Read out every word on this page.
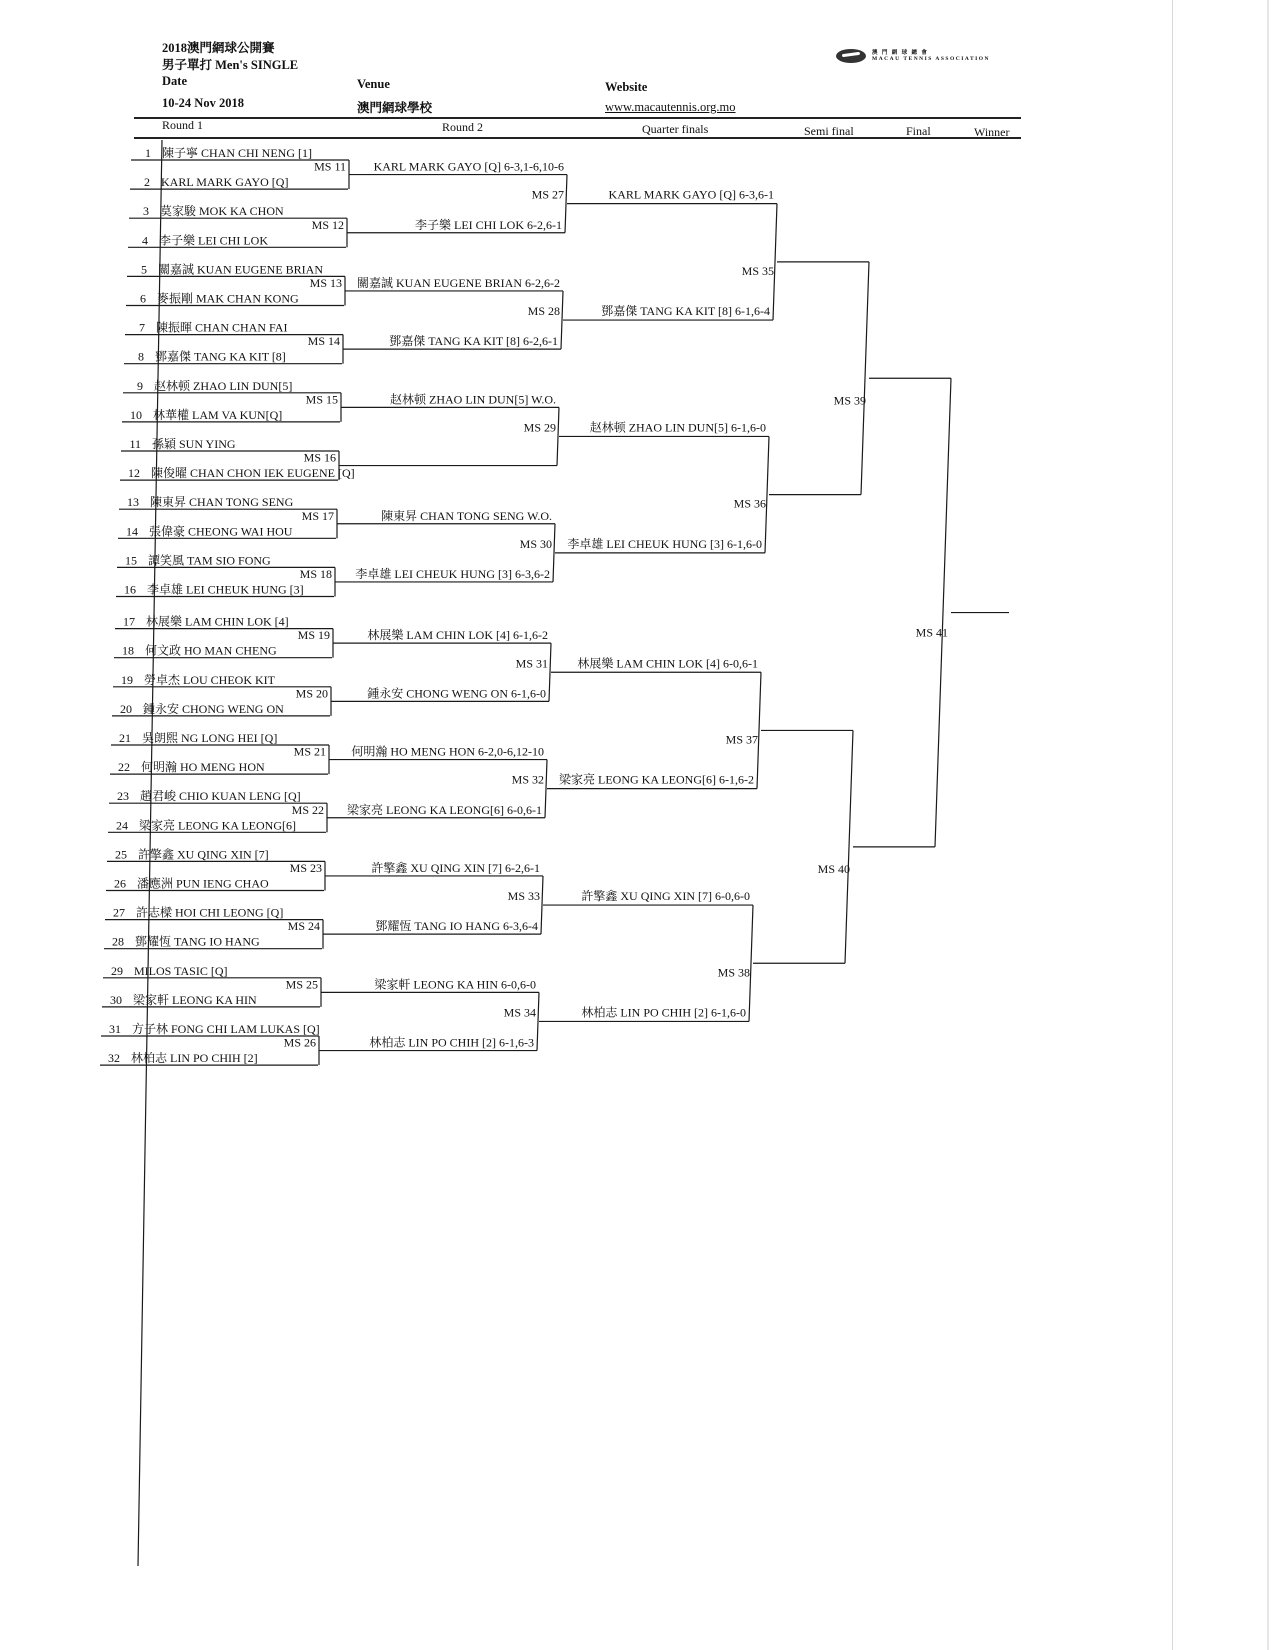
2018澳門網球公開賽
男子單打 Men's SINGLE
Date
10-24 Nov 2018
Venue
澳門網球學校
Website
www.macautennis.org.mo
澳 門 網 球 總 會
MACAU TENNIS ASSOCIATION
Round 1	Round 2	Quarter finals	Semi final	Final	Winner
1 陳子寧 CHAN CHI NENG [1]
2 KARL MARK GAYO [Q]
3 莫家駿 MOK KA CHON
4 李子樂 LEI CHI LOK
5 關嘉誠 KUAN EUGENE BRIAN
6 麥振剛 MAK CHAN KONG
7 陳振暉 CHAN CHAN FAI
8 鄧嘉傑 TANG KA KIT [8]
9 赵林顿 ZHAO LIN DUN[5]
10 林華權 LAM VA KUN[Q]
11 孫穎 SUN YING
12 陳俊曜 CHAN CHON IEK EUGENE [Q]
13 陳東昇 CHAN TONG SENG
14 張偉豪 CHEONG WAI HOU
15 譚笑風 TAM SIO FONG
16 李卓雄 LEI CHEUK HUNG [3]
17 林展樂 LAM CHIN LOK [4]
18 何文政 HO MAN CHENG
19 勞卓杰 LOU CHEOK KIT
20 鍾永安 CHONG WENG ON
21 吳朗熙 NG LONG HEI [Q]
22 何明瀚 HO MENG HON
23 趙君峻 CHIO KUAN LENG [Q]
24 梁家亮 LEONG KA LEONG[6]
25 許擎鑫 XU QING XIN [7]
26 潘應洲 PUN IENG CHAO
27 許志樑 HOI CHI LEONG [Q]
28 鄧耀恆 TANG IO HANG
29 MILOS TASIC [Q]
30 梁家軒 LEONG KA HIN
31 方子林 FONG CHI LAM LUKAS [Q]
32 林柏志 LIN PO CHIH [2]
MS 11 KARL MARK GAYO [Q] 6-3,1-6,10-6
MS 12	李子樂 LEI CHI LOK 6-2,6-1
MS 13 關嘉誠 KUAN EUGENE BRIAN 6-2,6-2
MS 14	鄧嘉傑 TANG KA KIT [8] 6-2,6-1
MS 15	赵林顿 ZHAO LIN DUN[5] W.O.
MS 16
MS 17	陳東昇 CHAN TONG SENG W.O.
MS 18 李卓雄 LEI CHEUK HUNG [3] 6-3,6-2
MS 19	林展樂 LAM CHIN LOK [4] 6-1,6-2
MS 20	鍾永安 CHONG WENG ON 6-1,6-0
MS 21 何明瀚 HO MENG HON 6-2,0-6,12-10
MS 22 梁家亮 LEONG KA LEONG[6] 6-0,6-1
MS 23	許擎鑫 XU QING XIN [7] 6-2,6-1
MS 24	鄧耀恆 TANG IO HANG 6-3,6-4
MS 25	梁家軒 LEONG KA HIN 6-0,6-0
MS 26	林柏志 LIN PO CHIH [2] 6-1,6-3
MS 27	KARL MARK GAYO [Q] 6-3,6-1
MS 28	鄧嘉傑 TANG KA KIT [8] 6-1,6-4
MS 29	赵林顿 ZHAO LIN DUN[5] 6-1,6-0
MS 30 李卓雄 LEI CHEUK HUNG [3] 6-1,6-0
MS 31 林展樂 LAM CHIN LOK [4] 6-0,6-1
MS 32 梁家亮 LEONG KA LEONG[6] 6-1,6-2
MS 33	許擎鑫 XU QING XIN [7] 6-0,6-0
MS 34	林柏志 LIN PO CHIH [2] 6-1,6-0
MS 35
MS 36
MS 37
MS 38
MS 39
MS 40
MS 41
